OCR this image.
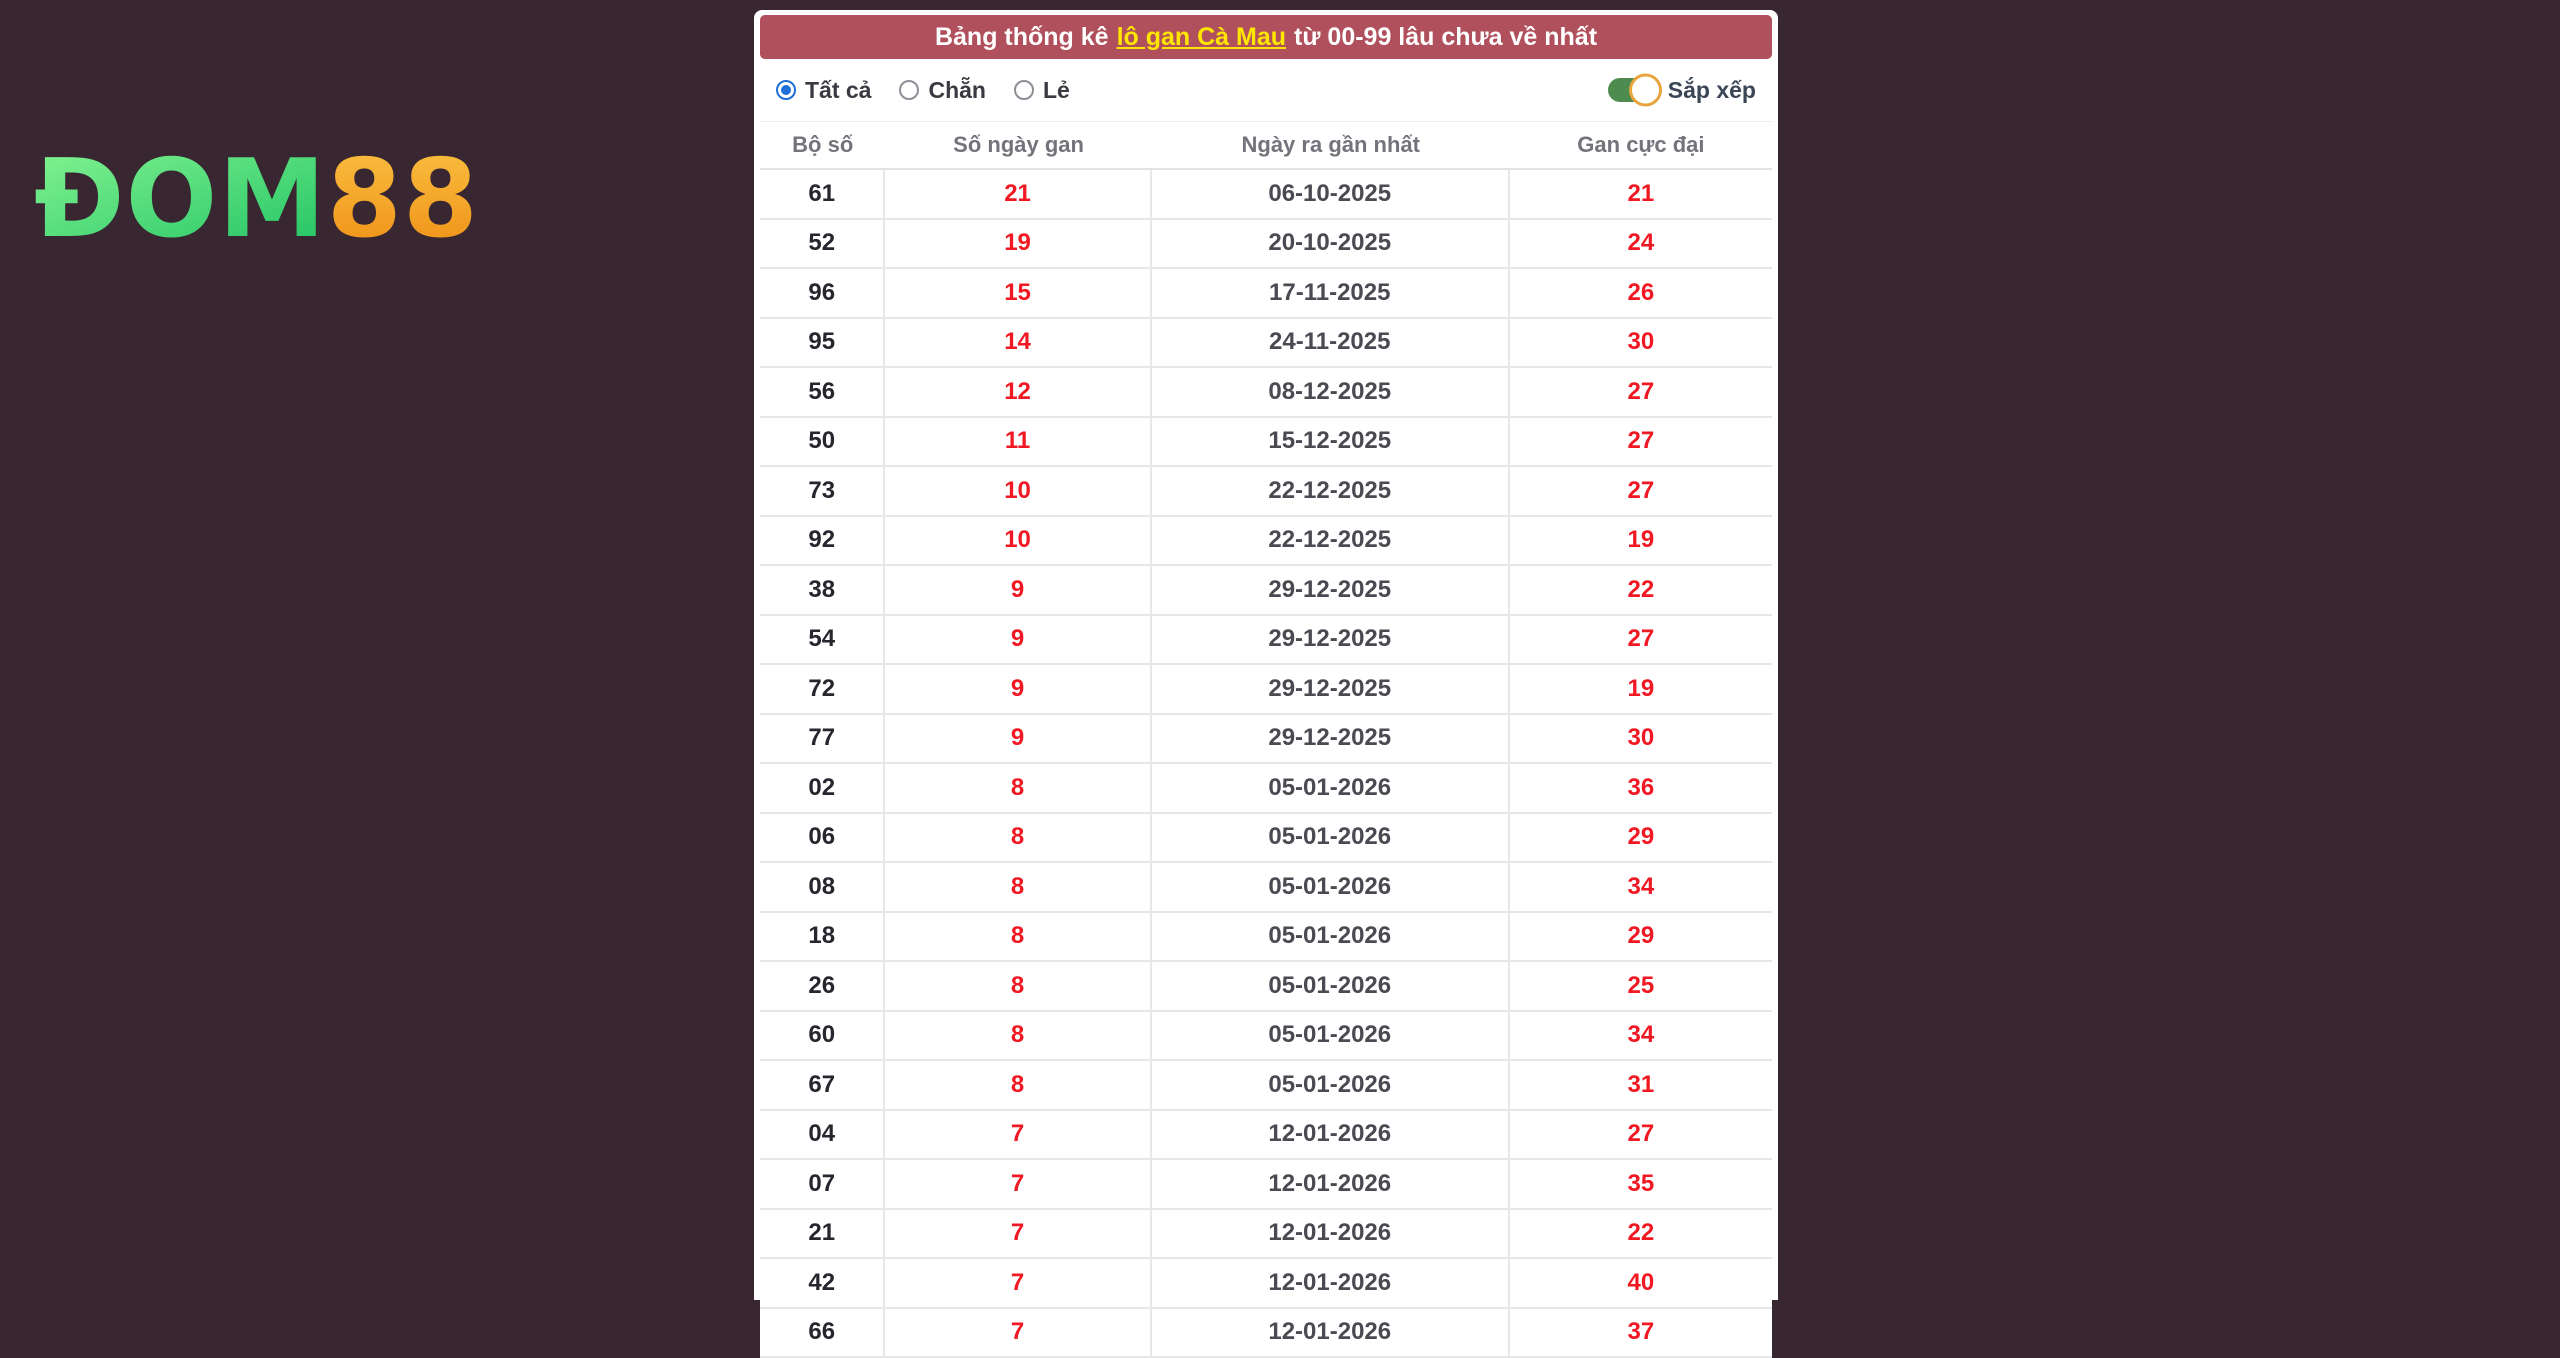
ĐOM88
Bảng thống kê lô gan Cà Mau từ 00-99 lâu chưa về nhất
Tất cả Chẵn Lẻ	Sắp xếp
Bộ số	Số ngày gan	Ngày ra gần nhất	Gan cực đại
61	21	06-10-2025	21
52	19	20-10-2025	24
96	15	17-11-2025	26
95	14	24-11-2025	30
56	12	08-12-2025	27
50	11	15-12-2025	27
73	10	22-12-2025	27
92	10	22-12-2025	19
38	9	29-12-2025	22
54	9	29-12-2025	27
72	9	29-12-2025	19
77	9	29-12-2025	30
02	8	05-01-2026	36
06	8	05-01-2026	29
08	8	05-01-2026	34
18	8	05-01-2026	29
26	8	05-01-2026	25
60	8	05-01-2026	34
67	8	05-01-2026	31
04	7	12-01-2026	27
07	7	12-01-2026	35
21	7	12-01-2026	22
42	7	12-01-2026	40
66	7	12-01-2026	37
